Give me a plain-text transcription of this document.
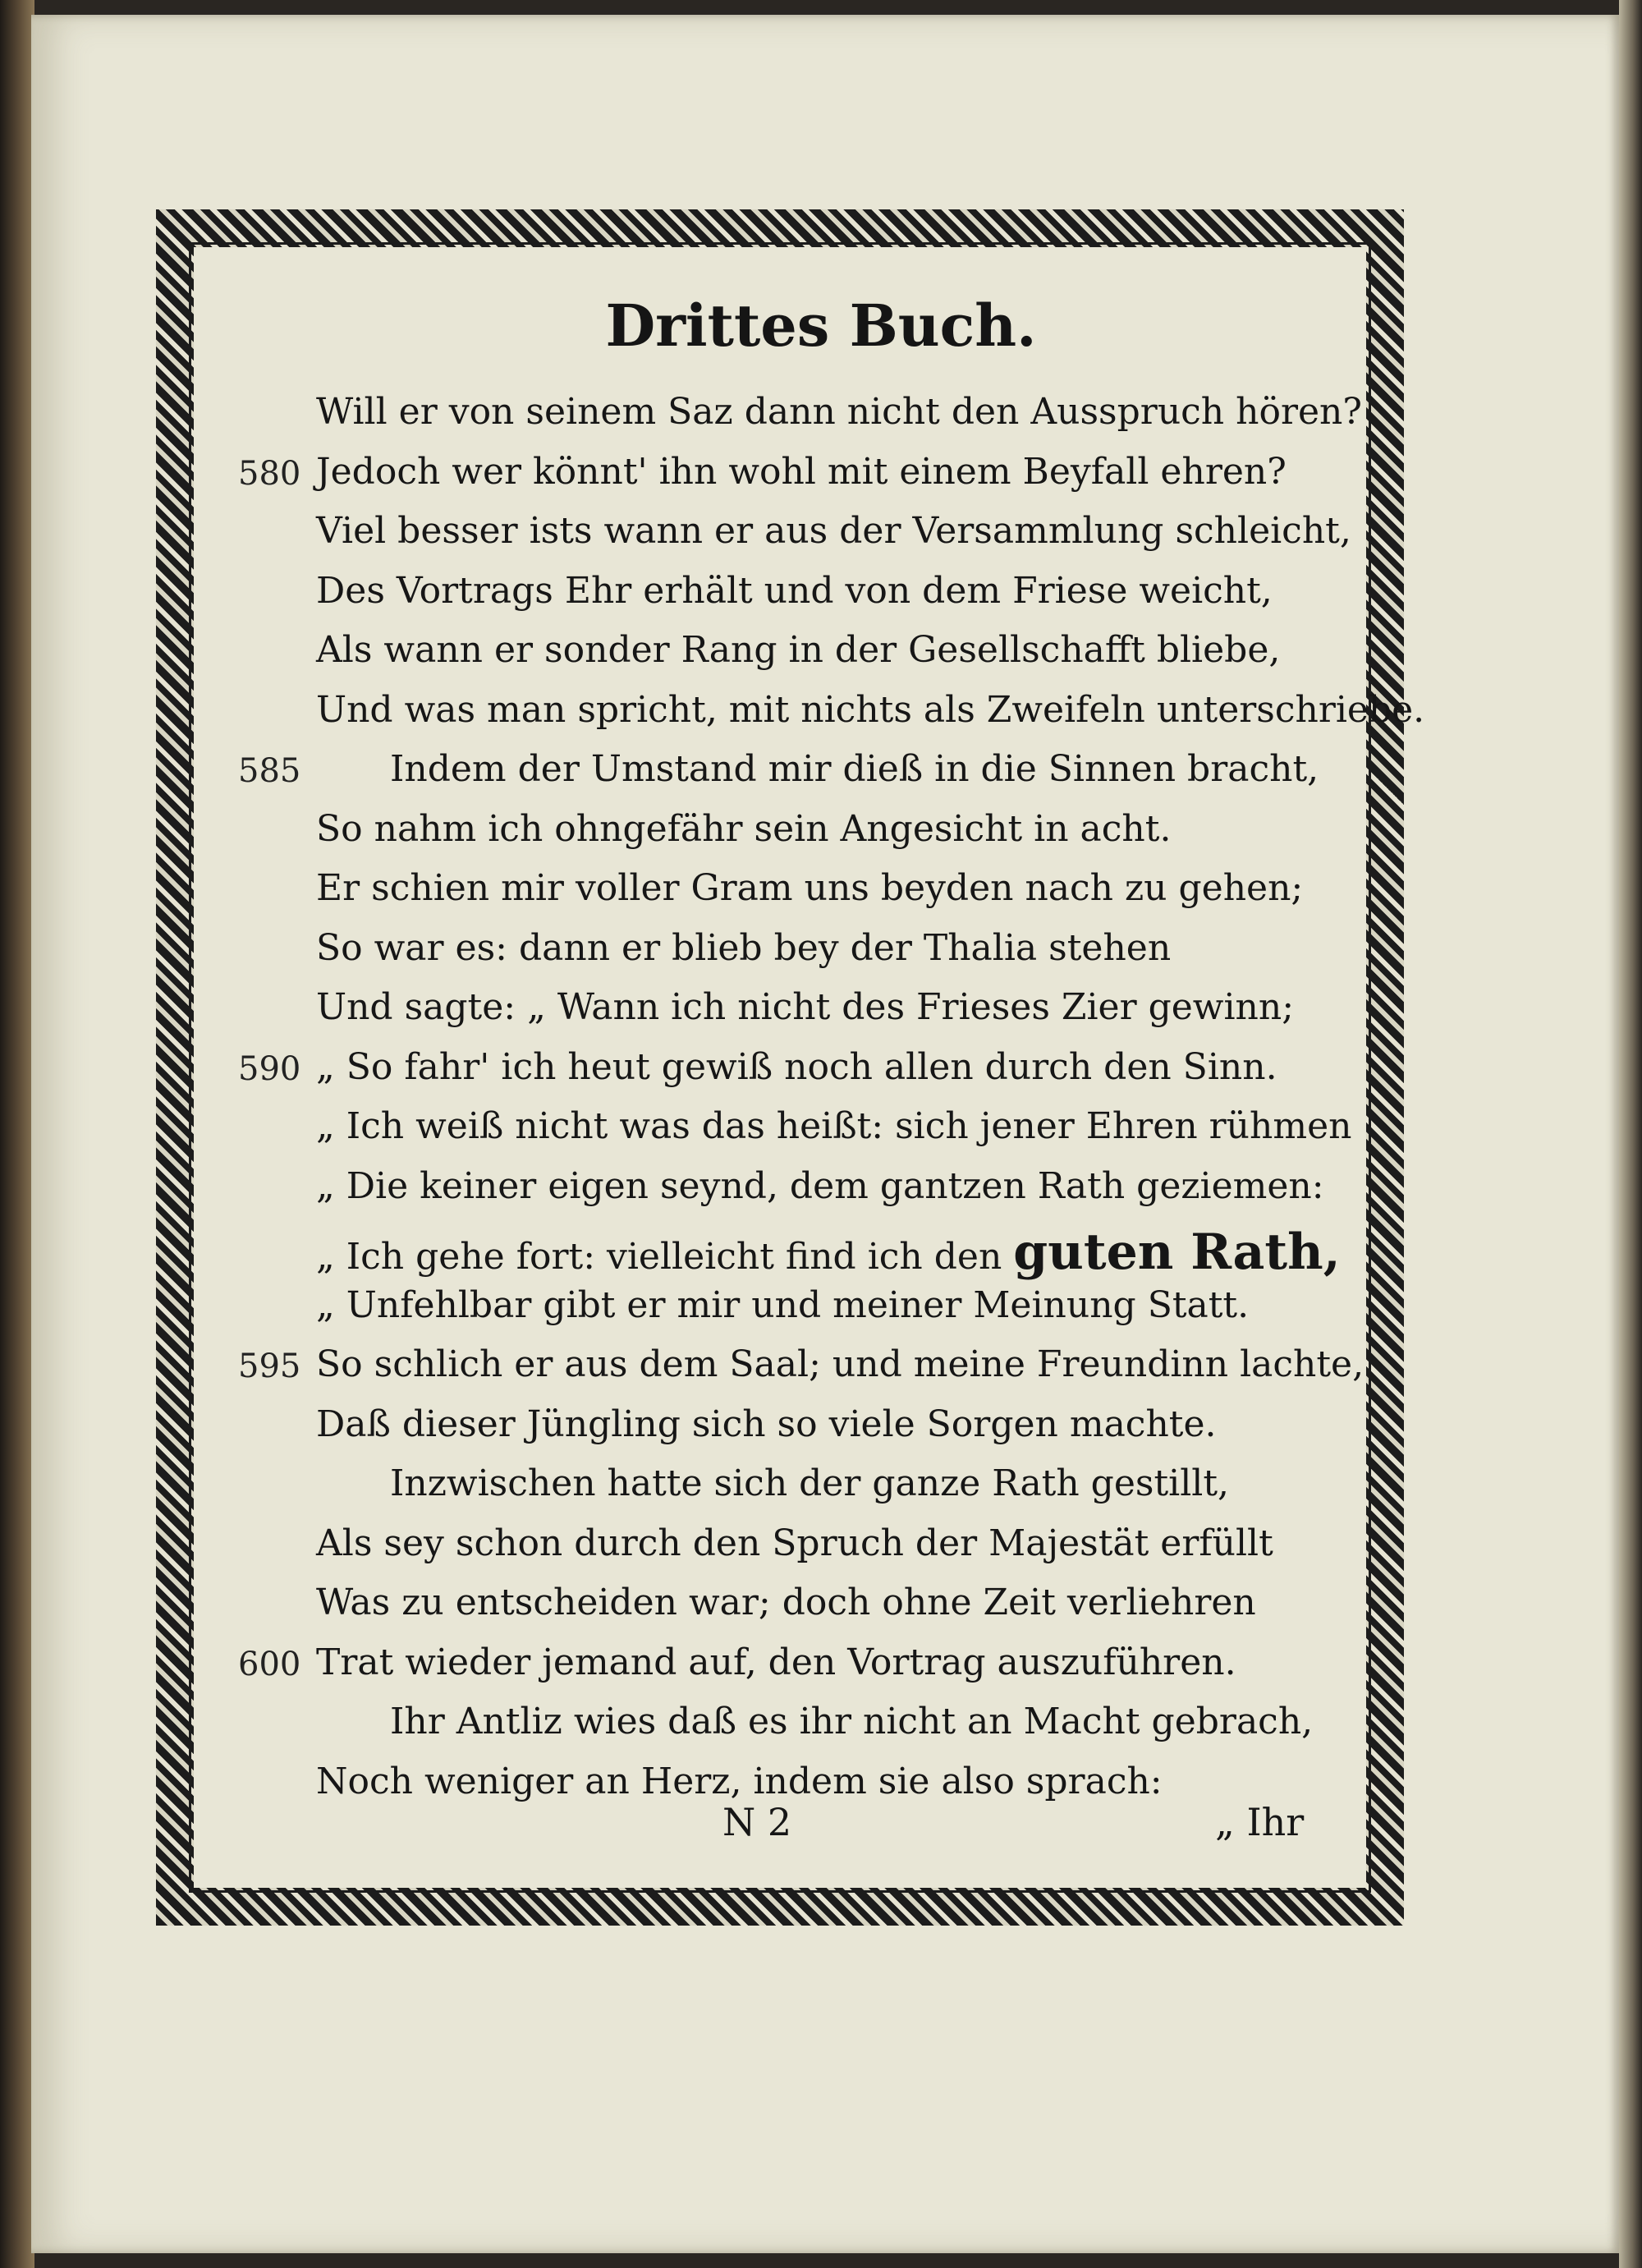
Drittes Buch.
Will er von seinem Saz dann nicht den Ausspruch hören?
Jedoch wer könnt' ihn wohl mit einem Beyfall ehren?
580
Viel besser ists wann er aus der Versammlung schleicht,
Des Vortrags Ehr erhält und von dem Friese weicht,
Als wann er sonder Rang in der Gesellschafft bliebe,
Und was man spricht, mit nichts als Zweifeln unterschriebe.
Indem der Umstand mir dieß in die Sinnen bracht,
585
So nahm ich ohngefähr sein Angesicht in acht.
Er schien mir voller Gram uns beyden nach zu gehen;
So war es: dann er blieb bey der Thalia stehen
Und sagte: „ Wann ich nicht des Frieses Zier gewinn;
„ So fahr' ich heut gewiß noch allen durch den Sinn.
590
„ Ich weiß nicht was das heißt: sich jener Ehren rühmen
„ Die keiner eigen seynd, dem gantzen Rath geziemen:
„ Ich gehe fort: vielleicht find ich den guten Rath,
„ Unfehlbar gibt er mir und meiner Meinung Statt.
So schlich er aus dem Saal; und meine Freundinn lachte,
595
Daß dieser Jüngling sich so viele Sorgen machte.
Inzwischen hatte sich der ganze Rath gestillt,
Als sey schon durch den Spruch der Majestät erfüllt
Was zu entscheiden war; doch ohne Zeit verliehren
Trat wieder jemand auf, den Vortrag auszuführen.
600
Ihr Antliz wies daß es ihr nicht an Macht gebrach,
Noch weniger an Herz, indem sie also sprach:
N 2	„ Ihr
